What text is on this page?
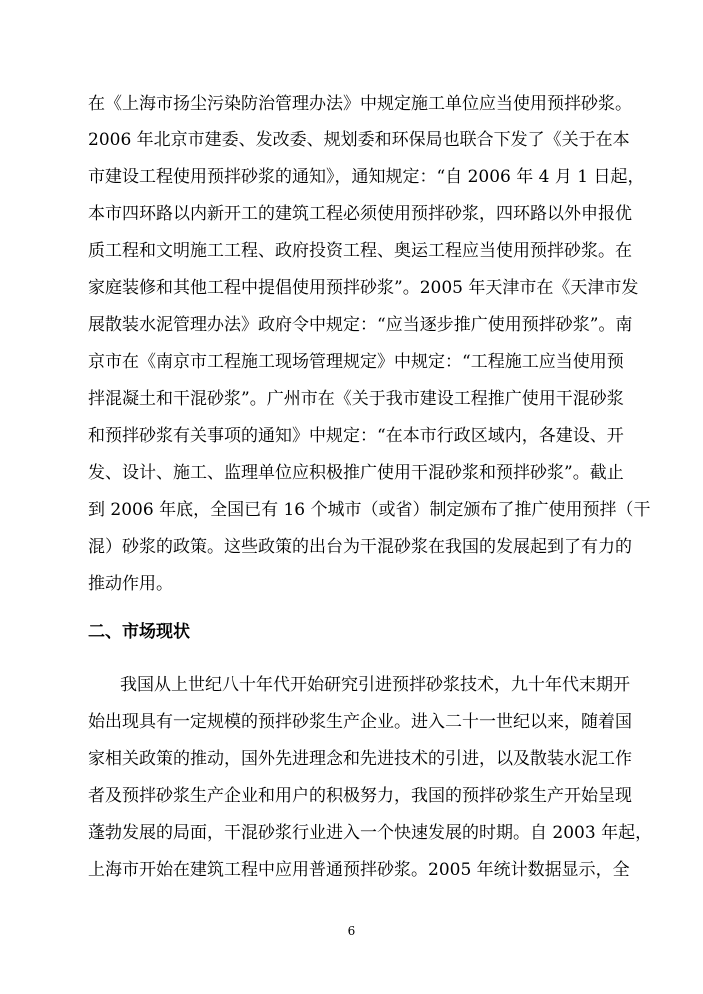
在《上海市扬尘污染防治管理办法》中规定施工单位应当使用预拌砂浆。
2006 年北京市建委、发改委、规划委和环保局也联合下发了《关于在本
市建设工程使用预拌砂浆的通知》，通知规定：“自 2006 年 4 月 1 日起，
本市四环路以内新开工的建筑工程必须使用预拌砂浆，四环路以外申报优
质工程和文明施工工程、政府投资工程、奥运工程应当使用预拌砂浆。在
家庭装修和其他工程中提倡使用预拌砂浆”。2005 年天津市在《天津市发
展散装水泥管理办法》政府令中规定：“应当逐步推广使用预拌砂浆”。南
京市在《南京市工程施工现场管理规定》中规定：“工程施工应当使用预
拌混凝土和干混砂浆”。广州市在《关于我市建设工程推广使用干混砂浆
和预拌砂浆有关事项的通知》中规定：“在本市行政区域内，各建设、开
发、设计、施工、监理单位应积极推广使用干混砂浆和预拌砂浆”。截止
到 2006 年底，全国已有 16 个城市（或省）制定颁布了推广使用预拌（干
混）砂浆的政策。这些政策的出台为干混砂浆在我国的发展起到了有力的
推动作用。
二、市场现状
我国从上世纪八十年代开始研究引进预拌砂浆技术，九十年代末期开
始出现具有一定规模的预拌砂浆生产企业。进入二十一世纪以来，随着国
家相关政策的推动，国外先进理念和先进技术的引进，以及散装水泥工作
者及预拌砂浆生产企业和用户的积极努力，我国的预拌砂浆生产开始呈现
蓬勃发展的局面，干混砂浆行业进入一个快速发展的时期。自 2003 年起，
上海市开始在建筑工程中应用普通预拌砂浆。2005 年统计数据显示，全
6
